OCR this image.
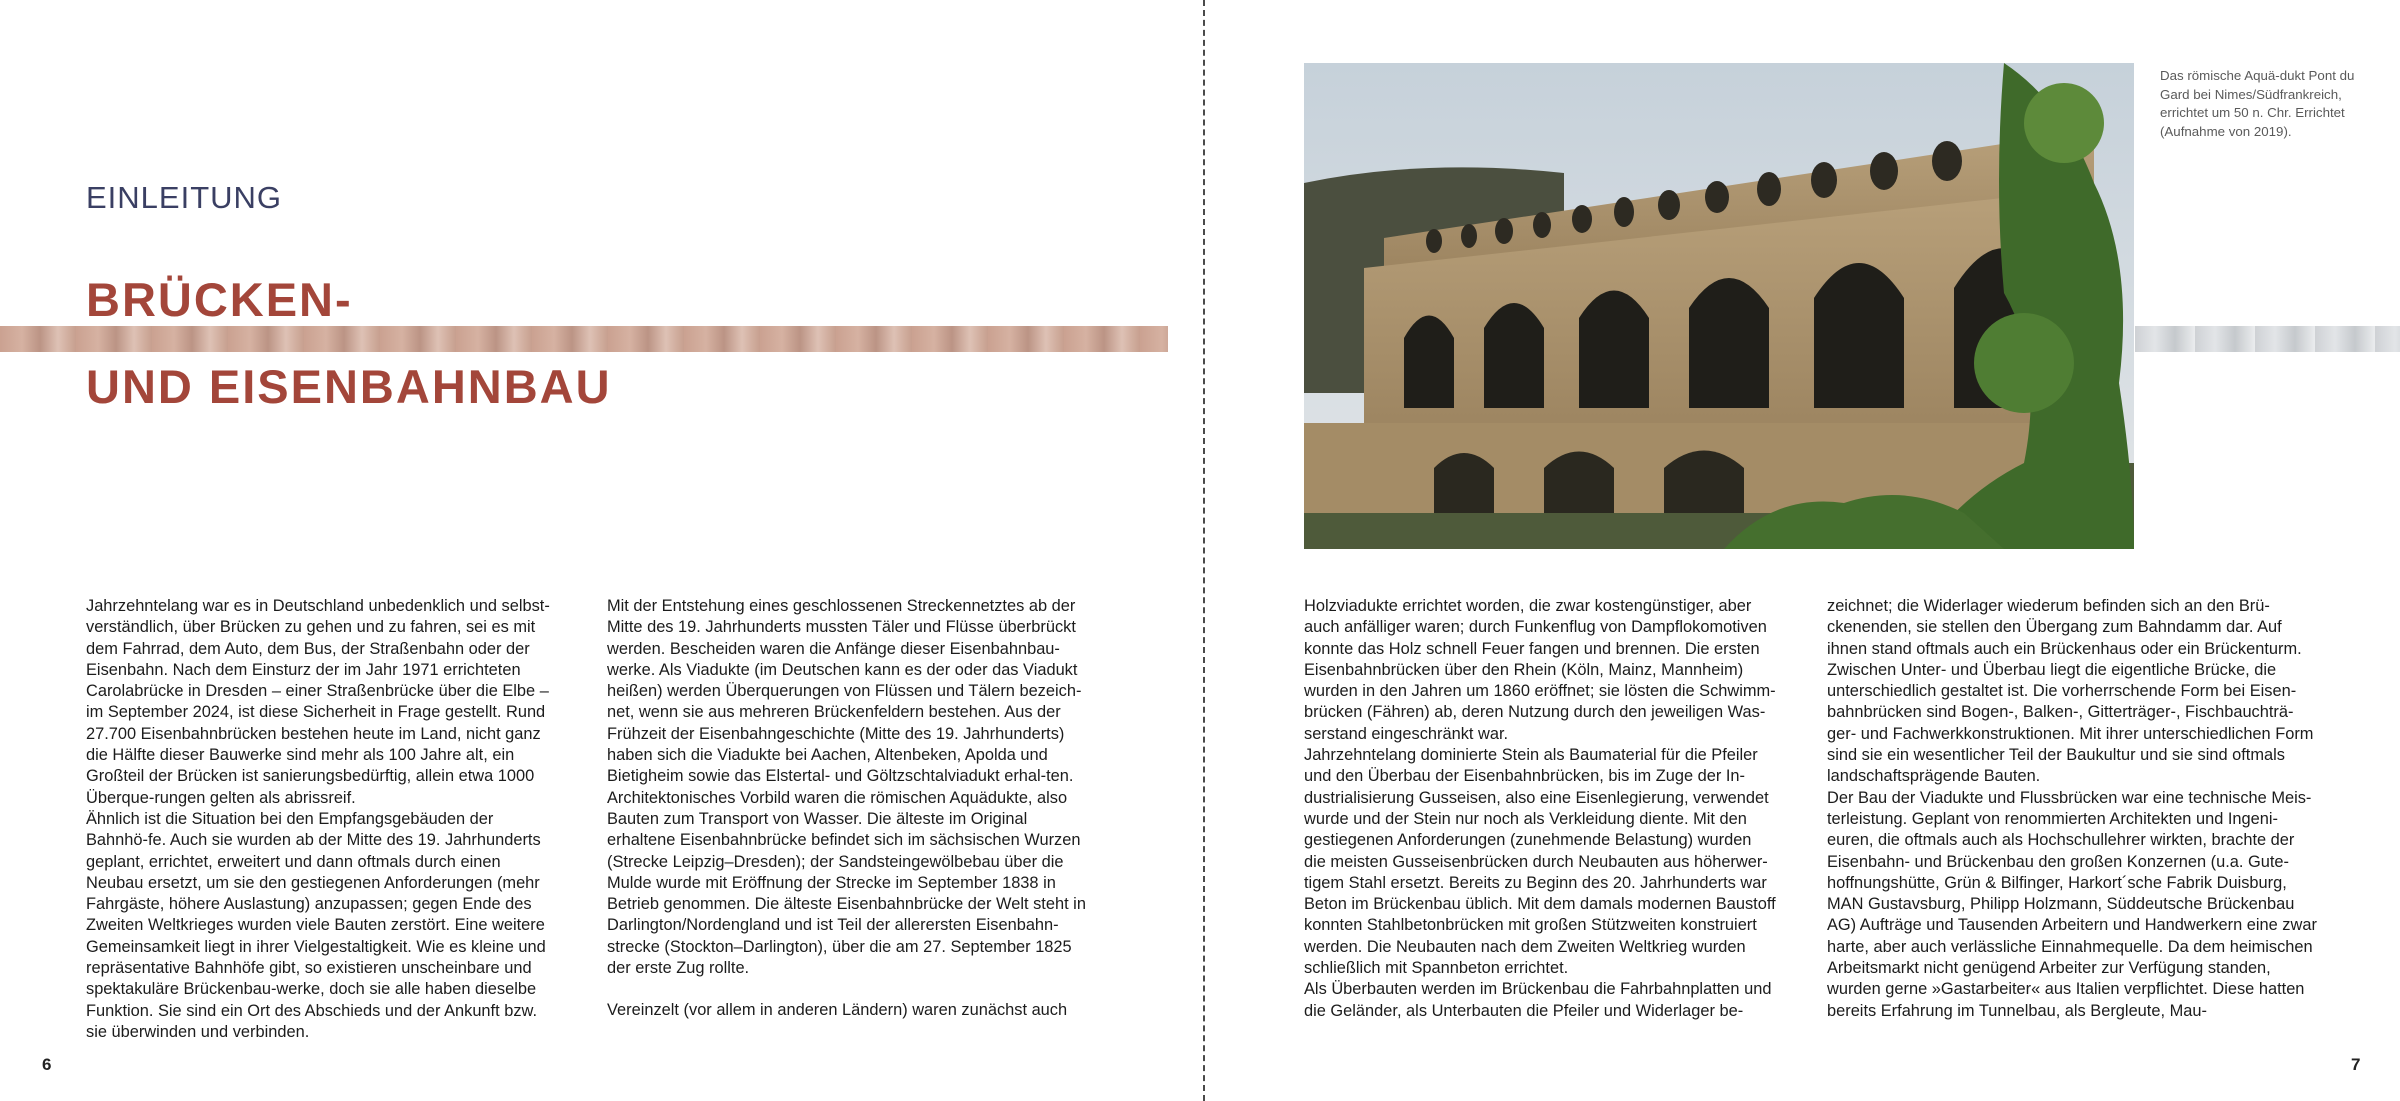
EINLEITUNG
BRÜCKEN-
UND EISENBAHNBAU

Jahrzehntelang war es in Deutschland unbedenklich und selbst-verständlich, über Brücken zu gehen und zu fahren, sei es mit dem Fahrrad, dem Auto, dem Bus, der Straßenbahn oder der Eisenbahn. Nach dem Einsturz der im Jahr 1971 errichteten Carolabrücke in Dresden – einer Straßenbrücke über die Elbe – im September 2024, ist diese Sicherheit in Frage gestellt. Rund 27.700 Eisenbahnbrücken bestehen heute im Land, nicht ganz die Hälfte dieser Bauwerke sind mehr als 100 Jahre alt, ein Großteil der Brücken ist sanierungsbedürftig, allein etwa 1000 Überque-rungen gelten als abrissreif.

Ähnlich ist die Situation bei den Empfangsgebäuden der Bahnhö-fe. Auch sie wurden ab der Mitte des 19. Jahrhunderts geplant, errichtet, erweitert und dann oftmals durch einen Neubau ersetzt, um sie den gestiegenen Anforderungen (mehr Fahrgäste, höhere Auslastung) anzupassen; gegen Ende des Zweiten Weltkrieges wurden viele Bauten zerstört. Eine weitere Gemeinsamkeit liegt in ihrer Vielgestaltigkeit. Wie es kleine und repräsentative Bahnhöfe gibt, so existieren unscheinbare und spektakuläre Brückenbau-werke, doch sie alle haben dieselbe Funktion. Sie sind ein Ort des Abschieds und der Ankunft bzw. sie überwinden und verbinden.

Mit der Entstehung eines geschlossenen Streckennetztes ab der Mitte des 19. Jahrhunderts mussten Täler und Flüsse überbrückt werden. Bescheiden waren die Anfänge dieser Eisenbahnbau-werke. Als Viadukte (im Deutschen kann es der oder das Viadukt heißen) werden Überquerungen von Flüssen und Tälern bezeich-net, wenn sie aus mehreren Brückenfeldern bestehen. Aus der Frühzeit der Eisenbahngeschichte (Mitte des 19. Jahrhunderts) haben sich die Viadukte bei Aachen, Altenbeken, Apolda und Bietigheim sowie das Elstertal- und Göltzschtalviadukt erhal-ten. Architektonisches Vorbild waren die römischen Aquädukte, also Bauten zum Transport von Wasser. Die älteste im Original erhaltene Eisenbahnbrücke befindet sich im sächsischen Wurzen (Strecke Leipzig–Dresden); der Sandsteingewölbebau über die Mulde wurde mit Eröffnung der Strecke im September 1838 in Betrieb genommen. Die älteste Eisenbahnbrücke der Welt steht in Darlington/Nordengland und ist Teil der allerersten Eisenbahn-strecke (Stockton–Darlington), über die am 27. September 1825 der erste Zug rollte.

Vereinzelt (vor allem in anderen Ländern) waren zunächst auch

6
Das römische Aquä-dukt Pont du Gard bei Nimes/Südfrankreich, errichtet um 50 n. Chr. Errichtet (Aufnahme von 2019).

Holzviadukte errichtet worden, die zwar kostengünstiger, aber auch anfälliger waren; durch Funkenflug von Dampflokomotiven konnte das Holz schnell Feuer fangen und brennen. Die ersten Eisenbahnbrücken über den Rhein (Köln, Mainz, Mannheim) wurden in den Jahren um 1860 eröffnet; sie lösten die Schwimm-brücken (Fähren) ab, deren Nutzung durch den jeweiligen Was-serstand eingeschränkt war.

Jahrzehntelang dominierte Stein als Baumaterial für die Pfeiler und den Überbau der Eisenbahnbrücken, bis im Zuge der In-dustrialisierung Gusseisen, also eine Eisenlegierung, verwendet wurde und der Stein nur noch als Verkleidung diente. Mit den gestiegenen Anforderungen (zunehmende Belastung) wurden die meisten Gusseisenbrücken durch Neubauten aus höherwer-tigem Stahl ersetzt. Bereits zu Beginn des 20. Jahrhunderts war Beton im Brückenbau üblich. Mit dem damals modernen Baustoff konnten Stahlbetonbrücken mit großen Stützweiten konstruiert werden. Die Neubauten nach dem Zweiten Weltkrieg wurden schließlich mit Spannbeton errichtet.

Als Überbauten werden im Brückenbau die Fahrbahnplatten und die Geländer, als Unterbauten die Pfeiler und Widerlager be-

zeichnet; die Widerlager wiederum befinden sich an den Brü-ckenenden, sie stellen den Übergang zum Bahndamm dar. Auf ihnen stand oftmals auch ein Brückenhaus oder ein Brückenturm. Zwischen Unter- und Überbau liegt die eigentliche Brücke, die unterschiedlich gestaltet ist. Die vorherrschende Form bei Eisen-bahnbrücken sind Bogen-, Balken-, Gitterträger-, Fischbauchträ-ger- und Fachwerkkonstruktionen. Mit ihrer unterschiedlichen Form sind sie ein wesentlicher Teil der Baukultur und sie sind oftmals landschaftsprägende Bauten.

Der Bau der Viadukte und Flussbrücken war eine technische Meis-terleistung. Geplant von renommierten Architekten und Ingeni-euren, die oftmals auch als Hochschullehrer wirkten, brachte der Eisenbahn- und Brückenbau den großen Konzernen (u.a. Gute-hoffnungshütte, Grün & Bilfinger, Harkort´sche Fabrik Duisburg, MAN Gustavsburg, Philipp Holzmann, Süddeutsche Brückenbau AG) Aufträge und Tausenden Arbeitern und Handwerkern eine zwar harte, aber auch verlässliche Einnahmequelle. Da dem heimischen Arbeitsmarkt nicht genügend Arbeiter zur Verfügung standen, wurden gerne »Gastarbeiter« aus Italien verpflichtet. Diese hatten bereits Erfahrung im Tunnelbau, als Bergleute, Mau-

7
